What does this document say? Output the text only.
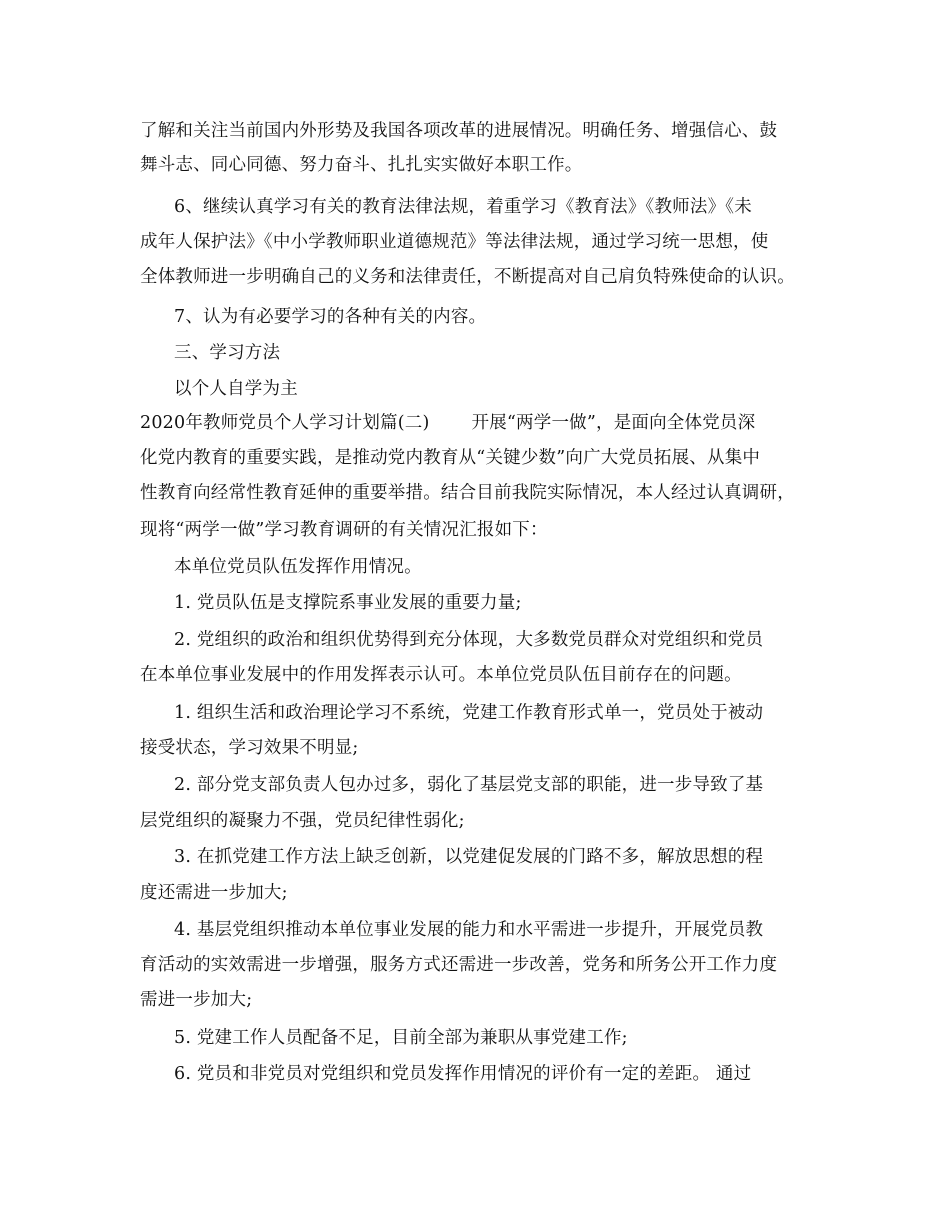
了解和关注当前国内外形势及我国各项改革的进展情况。明确任务、增强信心、鼓
舞斗志、同心同德、努力奋斗、扎扎实实做好本职工作。
6、继续认真学习有关的教育法律法规，着重学习《教育法》《教师法》《未
成年人保护法》《中小学教师职业道德规范》等法律法规，通过学习统一思想，使
全体教师进一步明确自己的义务和法律责任，不断提高对自己肩负特殊使命的认识。
7、认为有必要学习的各种有关的内容。
三、学习方法
以个人自学为主
2020年教师党员个人学习计划篇(二) 开展“两学一做”，是面向全体党员深
化党内教育的重要实践，是推动党内教育从“关键少数”向广大党员拓展、从集中
性教育向经常性教育延伸的重要举措。结合目前我院实际情况，本人经过认真调研，
现将“两学一做”学习教育调研的有关情况汇报如下：
本单位党员队伍发挥作用情况。
1. 党员队伍是支撑院系事业发展的重要力量;
2. 党组织的政治和组织优势得到充分体现，大多数党员群众对党组织和党员
在本单位事业发展中的作用发挥表示认可。本单位党员队伍目前存在的问题。
1. 组织生活和政治理论学习不系统，党建工作教育形式单一，党员处于被动
接受状态，学习效果不明显;
2. 部分党支部负责人包办过多，弱化了基层党支部的职能，进一步导致了基
层党组织的凝聚力不强，党员纪律性弱化;
3. 在抓党建工作方法上缺乏创新，以党建促发展的门路不多，解放思想的程
度还需进一步加大;
4. 基层党组织推动本单位事业发展的能力和水平需进一步提升，开展党员教
育活动的实效需进一步增强，服务方式还需进一步改善，党务和所务公开工作力度
需进一步加大;
5. 党建工作人员配备不足，目前全部为兼职从事党建工作;
6. 党员和非党员对党组织和党员发挥作用情况的评价有一定的差距。 通过
